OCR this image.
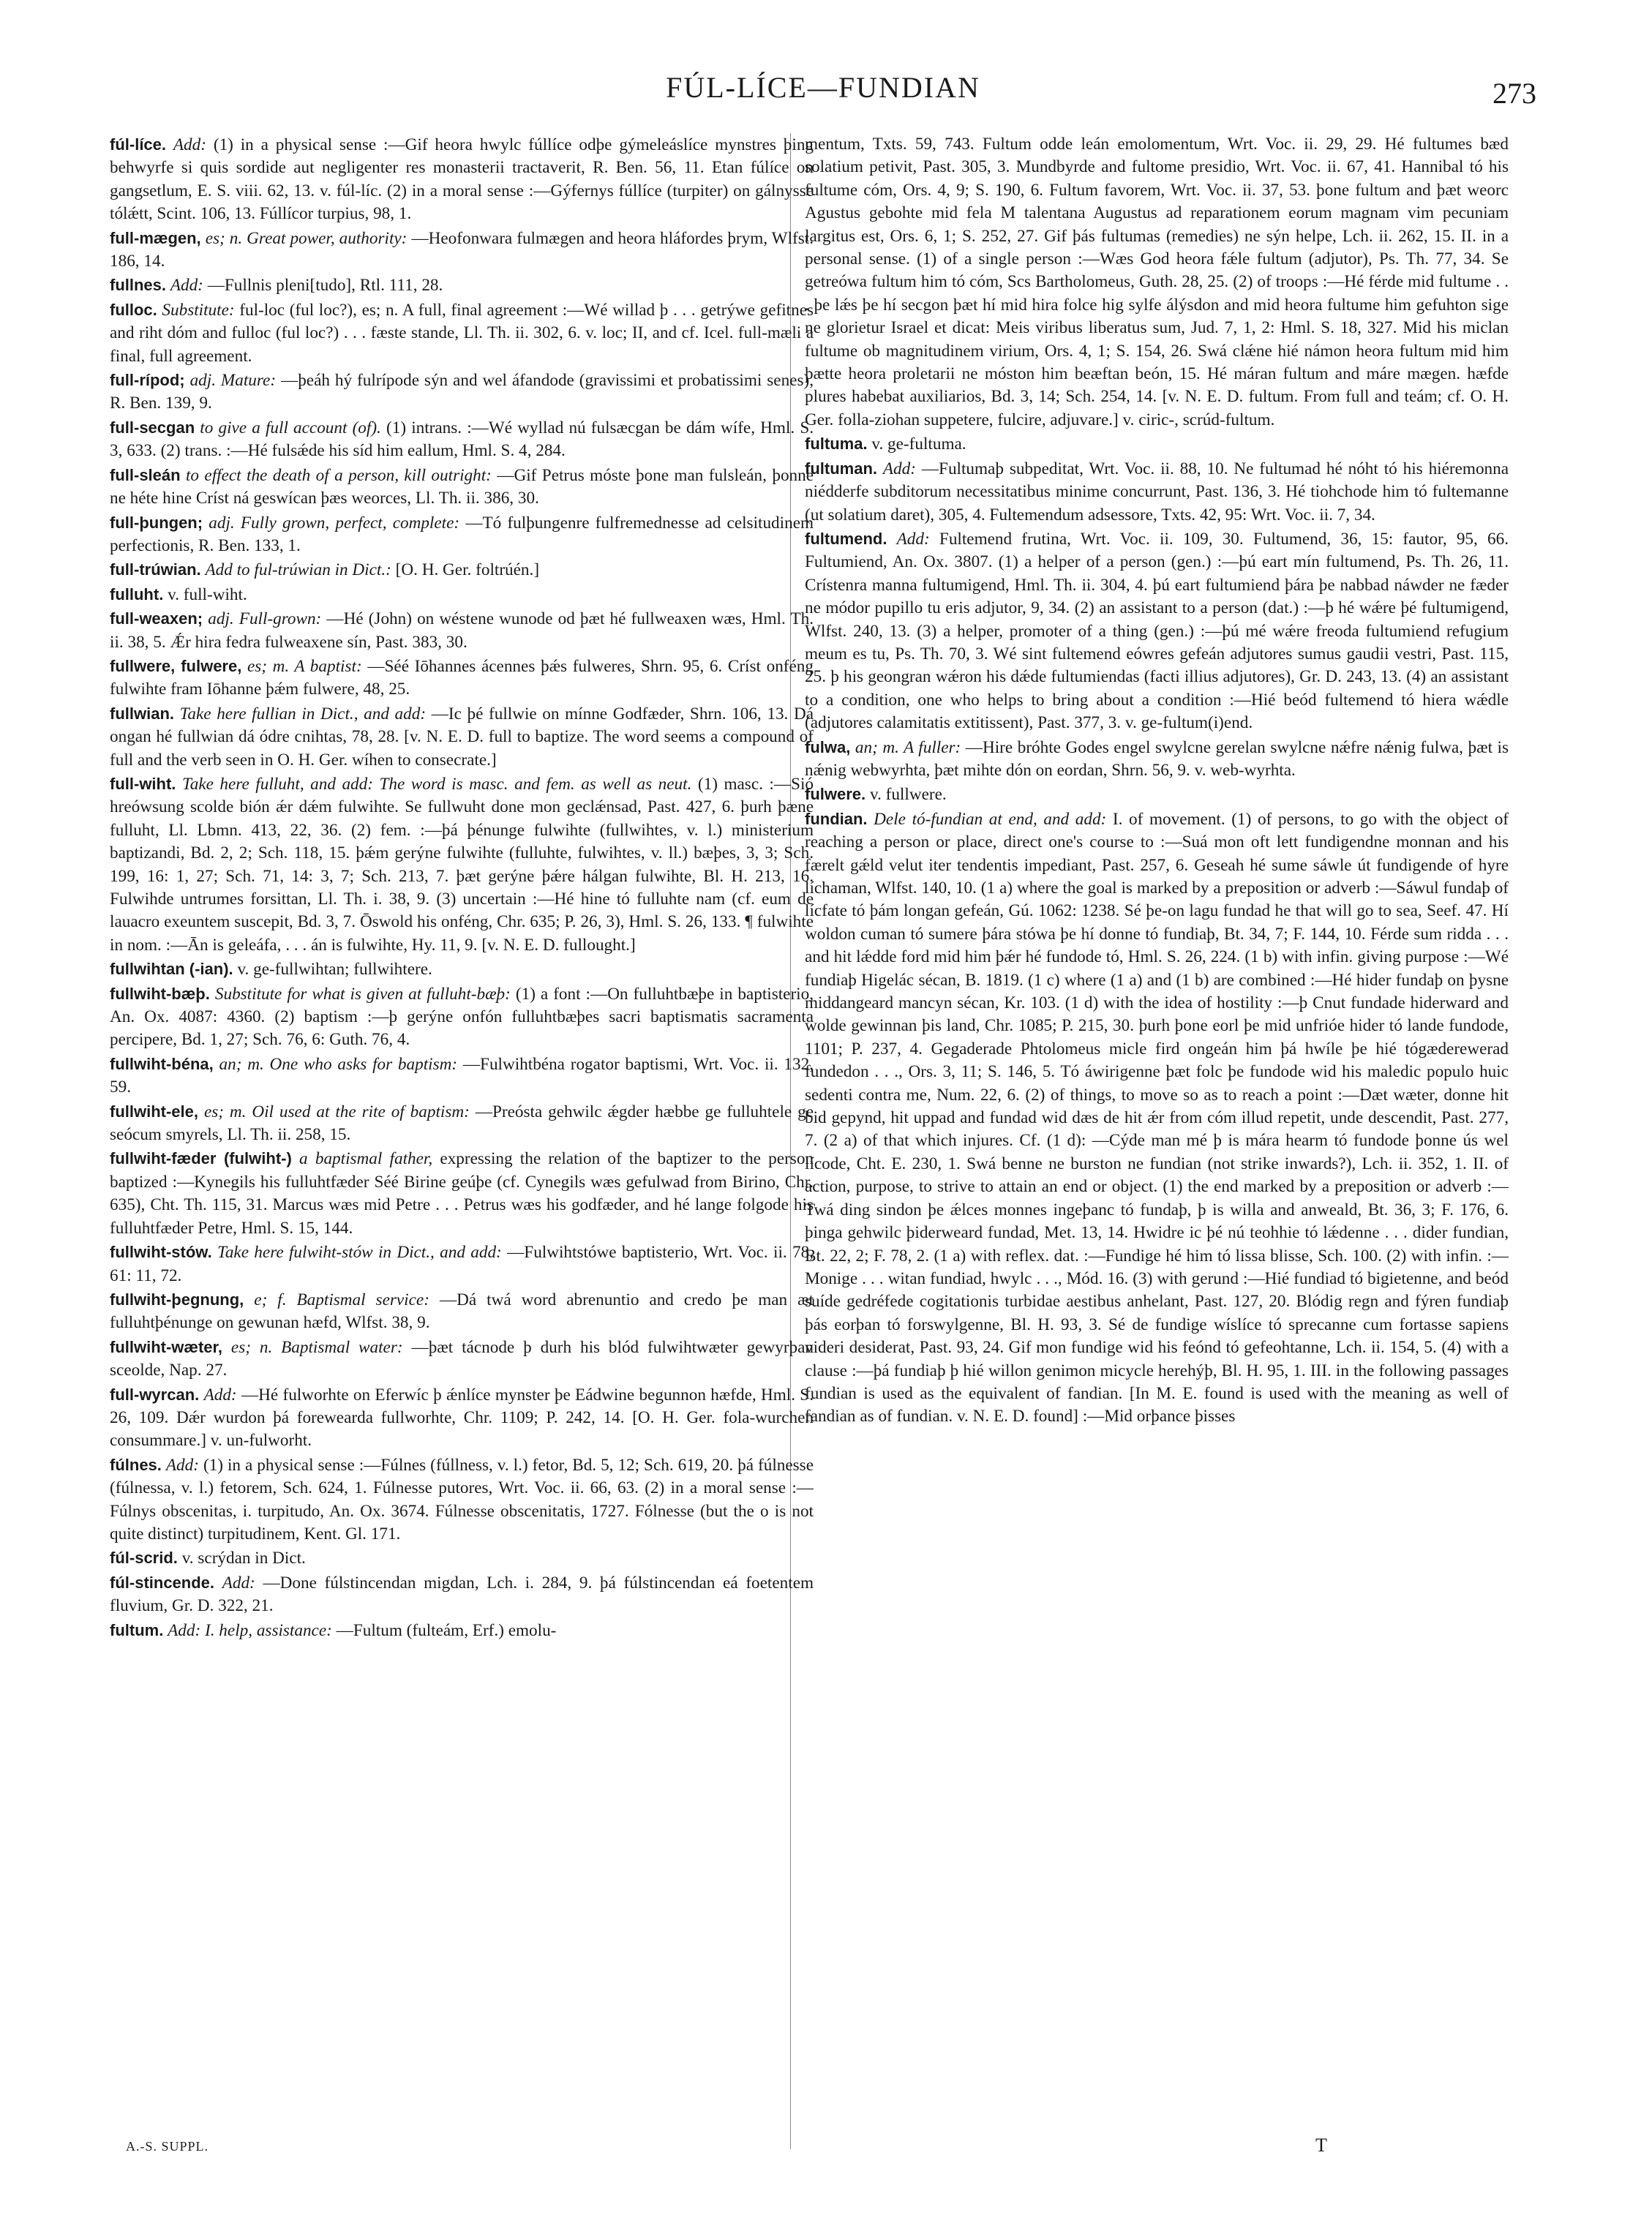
FÚL-LÍCE—FUNDIAN	273

fúl-líce. Add: (1) in a physical sense :—Gif heora hwylc fúllíce odþe gýmeleáslíce mynstres þing behwyrfe si quis sordide aut negligenter res monasterii tractaverit, R. Ben. 56, 11. Etan fúlíce on gangsetlum, E. S. viii. 62, 13. v. fúl-líc. (2) in a moral sense :—Gýfernys fúllíce (turpiter) on gálnysse tólǽtt, Scint. 106, 13. Fúllícor turpius, 98, 1.

full-mægen, es; n. Great power, authority: —Heofonwara fulmægen and heora hláfordes þrym, Wlfst. 186, 14.

fullnes. Add: —Fullnis pleni[tudo], Rtl. 111, 28.

fulloc. Substitute: ful-loc (ful loc?), es; n. A full, final agreement :—Wé willad þ . . . getrýwe gefitnes and riht dóm and fulloc (ful loc?) . . . fæste stande, Ll. Th. ii. 302, 6. v. loc; II, and cf. Icel. full-mæli a final, full agreement.

full-rípod; adj. Mature: —þeáh hý fulrípode sýn and wel áfandode (gravissimi et probatissimi senes), R. Ben. 139, 9.

full-secgan to give a full account (of). (1) intrans. :—Wé wyllad nú fulsæcgan be dám wífe, Hml. S. 3, 633. (2) trans. :—Hé fulsǽde his síd him eallum, Hml. S. 4, 284.

full-sleán to effect the death of a person, kill outright: —Gif Petrus móste þone man fulsleán, þonne ne héte hine Críst ná geswícan þæs weorces, Ll. Th. ii. 386, 30.

full-þungen; adj. Fully grown, perfect, complete: —Tó fulþungenre fulfremednesse ad celsitudinem perfectionis, R. Ben. 133, 1.

full-trúwian. Add to ful-trúwian in Dict.: [O. H. Ger. foltrúén.]

fulluht. v. full-wiht.

full-weaxen; adj. Full-grown: —Hé (John) on wéstene wunode od þæt hé fullweaxen wæs, Hml. Th. ii. 38, 5. Ǽr hira fedra fulweaxene sín, Past. 383, 30.

fullwere, fulwere, es; m. A baptist: —Séé Iōhannes ácennes þǽs fulweres, Shrn. 95, 6. Críst onféng fulwihte fram Iōhanne þǽm fulwere, 48, 25.

fullwian. Take here fullian in Dict., and add: —Ic þé fullwie on mínne Godfæder, Shrn. 106, 13. Dá ongan hé fullwian dá ódre cnihtas, 78, 28. [v. N. E. D. full to baptize. The word seems a compound of full and the verb seen in O. H. Ger. wíhen to consecrate.]

full-wiht. Take here fulluht, and add: The word is masc. and fem. as well as neut. (1) masc. :—Sió hreówsung scolde bión ǽr dǽm fulwihte. Se fullwuht done mon geclǽnsad, Past. 427, 6. þurh þæne fulluht, Ll. Lbmn. 413, 22, 36. (2) fem. :—þá þénunge fulwihte (fullwihtes, v. l.) ministerium baptizandi, Bd. 2, 2; Sch. 118, 15. þǽm gerýne fulwihte (fulluhte, fulwihtes, v. ll.) bæþes, 3, 3; Sch. 199, 16: 1, 27; Sch. 71, 14: 3, 7; Sch. 213, 7. þæt gerýne þǽre hálgan fulwihte, Bl. H. 213, 16. Fulwihde untrumes forsittan, Ll. Th. i. 38, 9. (3) uncertain :—Hé hine tó fulluhte nam (cf. eum de lauacro exeuntem suscepit, Bd. 3, 7. Ōswold his onféng, Chr. 635; P. 26, 3), Hml. S. 26, 133. ¶ fulwihte in nom. :—Ān is geleáfa, . . . án is fulwihte, Hy. 11, 9. [v. N. E. D. fullought.]

fullwihtan (-ian). v. ge-fullwihtan; fullwihtere.

fullwiht-bæþ. Substitute for what is given at fulluht-bæþ: (1) a font :—On fulluhtbæþe in baptisterio, An. Ox. 4087: 4360. (2) baptism :—þ gerýne onfón fulluhtbæþes sacri baptismatis sacramenta percipere, Bd. 1, 27; Sch. 76, 6: Guth. 76, 4.

fullwiht-béna, an; m. One who asks for baptism: —Fulwihtbéna rogator baptismi, Wrt. Voc. ii. 132, 59.

fullwiht-ele, es; m. Oil used at the rite of baptism: —Preósta gehwilc ǽgder hæbbe ge fulluhtele ge seócum smyrels, Ll. Th. ii. 258, 15.

fullwiht-fæder (fulwiht-) a baptismal father, expressing the relation of the baptizer to the person baptized :—Kynegils his fulluhtfæder Séé Birine geúþe (cf. Cynegils wæs gefulwad from Birino, Chr. 635), Cht. Th. 115, 31. Marcus wæs mid Petre . . . Petrus wæs his godfæder, and hé lange folgode his fulluhtfæder Petre, Hml. S. 15, 144.

fullwiht-stów. Take here fulwiht-stów in Dict., and add: —Fulwihtstówe baptisterio, Wrt. Voc. ii. 78, 61: 11, 72.

fullwiht-þegnung, e; f. Baptismal service: —Dá twá word abrenuntio and credo þe man æt fulluhtþénunge on gewunan hæfd, Wlfst. 38, 9.

fullwiht-wæter, es; n. Baptismal water: —þæt tácnode þ durh his blód fulwihtwæter gewyrþan sceolde, Nap. 27.

full-wyrcan. Add: —Hé fulworhte on Eferwíc þ ǽnlíce mynster þe Eádwine begunnon hæfde, Hml. S. 26, 109. Dǽr wurdon þá forewearda fullworhte, Chr. 1109; P. 242, 14. [O. H. Ger. fola-wurchen consummare.] v. un-fulworht.

fúlnes. Add: (1) in a physical sense :—Fúlnes (fúllness, v. l.) fetor, Bd. 5, 12; Sch. 619, 20. þá fúlnesse (fúlnessa, v. l.) fetorem, Sch. 624, 1. Fúlnesse putores, Wrt. Voc. ii. 66, 63. (2) in a moral sense :—Fúlnys obscenitas, i. turpitudo, An. Ox. 3674. Fúlnesse obscenitatis, 1727. Fólnesse (but the o is not quite distinct) turpitudinem, Kent. Gl. 171.

fúl-scrid. v. scrýdan in Dict.

fúl-stincende. Add: —Done fúlstincendan migdan, Lch. i. 284, 9. þá fúlstincendan eá foetentem fluvium, Gr. D. 322, 21.

fultum. Add: I. help, assistance: —Fultum (fulteám, Erf.) emolu-

mentum, Txts. 59, 743. Fultum odde leán emolomentum, Wrt. Voc. ii. 29, 29. Hé fultumes bæd solatium petivit, Past. 305, 3. Mundbyrde and fultome presidio, Wrt. Voc. ii. 67, 41. Hannibal tó his fultume cóm, Ors. 4, 9; S. 190, 6. Fultum favorem, Wrt. Voc. ii. 37, 53. þone fultum and þæt weorc Agustus gebohte mid fela M talentana Augustus ad reparationem eorum magnam vim pecuniam largitus est, Ors. 6, 1; S. 252, 27. Gif þás fultumas (remedies) ne sýn helpe, Lch. ii. 262, 15. II. in a personal sense. (1) of a single person :—Wæs God heora fǽle fultum (adjutor), Ps. Th. 77, 34. Se getreówa fultum him tó cóm, Scs Bartholomeus, Guth. 28, 25. (2) of troops :—Hé férde mid fultume . . . þe lǽs þe hí secgon þæt hí mid hira folce hig sylfe álýsdon and mid heora fultume him gefuhton sige ne glorietur Israel et dicat: Meis viribus liberatus sum, Jud. 7, 1, 2: Hml. S. 18, 327. Mid his miclan fultume ob magnitudinem virium, Ors. 4, 1; S. 154, 26. Swá clǽne hié námon heora fultum mid him þætte heora proletarii ne móston him beæftan beón, 15. Hé máran fultum and máre mægen. hæfde plures habebat auxiliarios, Bd. 3, 14; Sch. 254, 14. [v. N. E. D. fultum. From full and teám; cf. O. H. Ger. folla-ziohan suppetere, fulcire, adjuvare.] v. ciric-, scrúd-fultum.

fultuma. v. ge-fultuma.

fultuman. Add: —Fultumaþ subpeditat, Wrt. Voc. ii. 88, 10. Ne fultumad hé nóht tó his hiéremonna niédderfe subditorum necessitatibus minime concurrunt, Past. 136, 3. Hé tiohchode him tó fultemanne (ut solatium daret), 305, 4. Fultemendum adsessore, Txts. 42, 95: Wrt. Voc. ii. 7, 34.

fultumend. Add: Fultemend frutina, Wrt. Voc. ii. 109, 30. Fultumend, 36, 15: fautor, 95, 66. Fultumiend, An. Ox. 3807. (1) a helper of a person (gen.) :—þú eart mín fultumend, Ps. Th. 26, 11. Crístenra manna fultumigend, Hml. Th. ii. 304, 4. þú eart fultumiend þára þe nabbad náwder ne fæder ne módor pupillo tu eris adjutor, 9, 34. (2) an assistant to a person (dat.) :—þ hé wǽre þé fultumigend, Wlfst. 240, 13. (3) a helper, promoter of a thing (gen.) :—þú mé wǽre freoda fultumiend refugium meum es tu, Ps. Th. 70, 3. Wé sint fultemend eówres gefeán adjutores sumus gaudii vestri, Past. 115, 25. þ his geongran wǽron his dǽde fultumiendas (facti illius adjutores), Gr. D. 243, 13. (4) an assistant to a condition, one who helps to bring about a condition :—Hié beód fultemend tó hiera wǽdle (adjutores calamitatis extitissent), Past. 377, 3. v. ge-fultum(i)end.

fulwa, an; m. A fuller: —Hire bróhte Godes engel swylcne gerelan swylcne nǽfre nǽnig fulwa, þæt is nǽnig webwyrhta, þæt mihte dón on eordan, Shrn. 56, 9. v. web-wyrhta.

fulwere. v. fullwere.

fundian. Dele tó-fundian at end, and add: I. of movement. (1) of persons, to go with the object of reaching a person or place, direct one's course to :—Suá mon oft lett fundigendne monnan and his færelt gǽld velut iter tendentis impediant, Past. 257, 6. Geseah hé sume sáwle út fundigende of hyre líchaman, Wlfst. 140, 10. (1 a) where the goal is marked by a preposition or adverb :—Sáwul fundaþ of lícfate tó þám longan gefeán, Gú. 1062: 1238. Sé þe-on lagu fundad he that will go to sea, Seef. 47. Hí woldon cuman tó sumere þára stówa þe hí donne tó fundiaþ, Bt. 34, 7; F. 144, 10. Férde sum ridda . . . and hit lǽdde ford mid him þǽr hé fundode tó, Hml. S. 26, 224. (1 b) with infin. giving purpose :—Wé fundiaþ Higelác sécan, B. 1819. (1 c) where (1 a) and (1 b) are combined :—Hé hider fundaþ on þysne middangeard mancyn sécan, Kr. 103. (1 d) with the idea of hostility :—þ Cnut fundade hiderward and wolde gewinnan þis land, Chr. 1085; P. 215, 30. þurh þone eorl þe mid unfrióe hider tó lande fundode, 1101; P. 237, 4. Gegaderade Phtolomeus micle fird ongeán him þá hwíle þe hié tógæderewerad fundedon . . ., Ors. 3, 11; S. 146, 5. Tó áwirigenne þæt folc þe fundode wid his maledic populo huic sedenti contra me, Num. 22, 6. (2) of things, to move so as to reach a point :—Dæt wæter, donne hit bid gepynd, hit uppad and fundad wid dæs de hit ǽr from cóm illud repetit, unde descendit, Past. 277, 7. (2 a) of that which injures. Cf. (1 d): —Cýde man mé þ is mára hearm tó fundode þonne ús wel lícode, Cht. E. 230, 1. Swá benne ne burston ne fundian (not strike inwards?), Lch. ii. 352, 1. II. of action, purpose, to strive to attain an end or object. (1) the end marked by a preposition or adverb :—Twá ding sindon þe ǽlces monnes ingeþanc tó fundaþ, þ is willa and anweald, Bt. 36, 3; F. 176, 6. þinga gehwilc þiderweard fundad, Met. 13, 14. Hwidre ic þé nú teohhie tó lǽdenne . . . dider fundian, Bt. 22, 2; F. 78, 2. (1 a) with reflex. dat. :—Fundige hé him tó lissa blisse, Sch. 100. (2) with infin. :—Monige . . . witan fundiad, hwylc . . ., Mód. 16. (3) with gerund :—Hié fundiad tó bigietenne, and beód suíde gedréfede cogitationis turbidae aestibus anhelant, Past. 127, 20. Blódig regn and fýren fundiaþ þás eorþan tó forswylgenne, Bl. H. 93, 3. Sé de fundige wíslíce tó sprecanne cum fortasse sapiens videri desiderat, Past. 93, 24. Gif mon fundige wid his feónd tó gefeohtanne, Lch. ii. 154, 5. (4) with a clause :—þá fundiaþ þ hié willon genimon micycle herehýþ, Bl. H. 95, 1. III. in the following passages fundian is used as the equivalent of fandian. [In M. E. found is used with the meaning as well of fandian as of fundian. v. N. E. D. found] :—Mid orþance þisses

A.-S. SUPPL.	T
